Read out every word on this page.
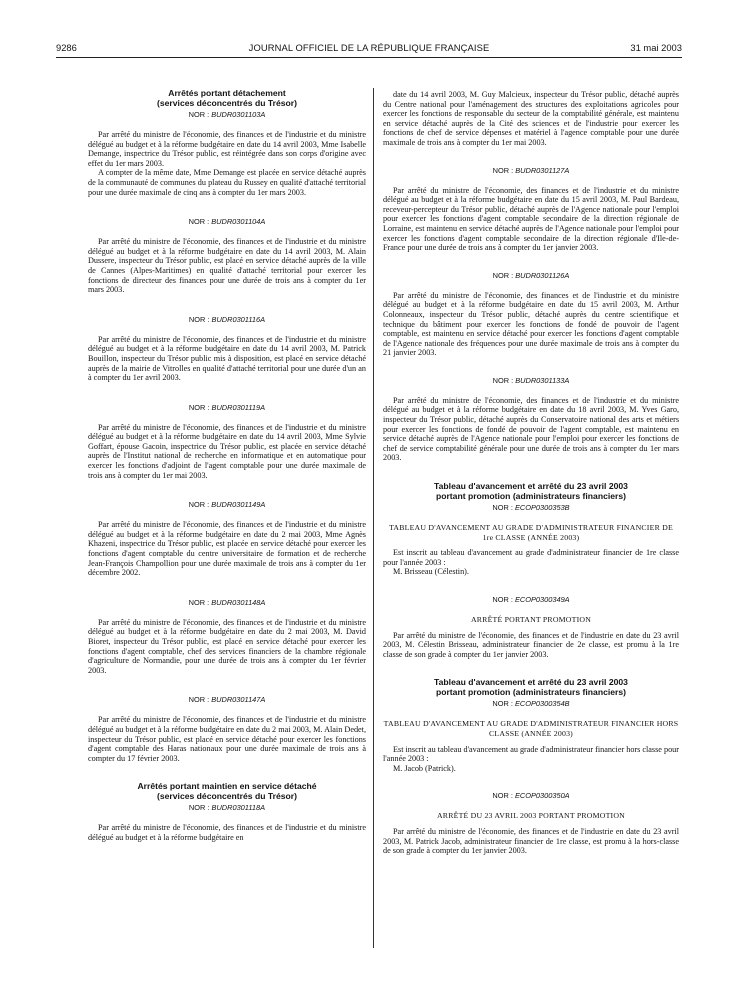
9286	JOURNAL OFFICIEL DE LA RÉPUBLIQUE FRANÇAISE	31 mai 2003
Arrêtés portant détachement
(services déconcentrés du Trésor)
NOR : BUDR0301103A

Par arrêté du ministre de l'économie, des finances et de l'industrie et du ministre délégué au budget et à la réforme budgétaire en date du 14 avril 2003, Mme Isabelle Demange, inspectrice du Trésor public, est réintégrée dans son corps d'origine avec effet du 1er mars 2003.

A compter de la même date, Mme Demange est placée en service détaché auprès de la communauté de communes du plateau du Russey en qualité d'attaché territorial pour une durée maximale de cinq ans à compter du 1er mars 2003.

NOR : BUDR0301104A

Par arrêté du ministre de l'économie, des finances et de l'industrie et du ministre délégué au budget et à la réforme budgétaire en date du 14 avril 2003, M. Alain Dussere, inspecteur du Trésor public, est placé en service détaché auprès de la ville de Cannes (Alpes-Maritimes) en qualité d'attaché territorial pour exercer les fonctions de directeur des finances pour une durée de trois ans à compter du 1er mars 2003.

NOR : BUDR0301116A

Par arrêté du ministre de l'économie, des finances et de l'industrie et du ministre délégué au budget et à la réforme budgétaire en date du 14 avril 2003, M. Patrick Bouillon, inspecteur du Trésor public mis à disposition, est placé en service détaché auprès de la mairie de Vitrolles en qualité d'attaché territorial pour une durée d'un an à compter du 1er avril 2003.

NOR : BUDR0301119A

Par arrêté du ministre de l'économie, des finances et de l'industrie et du ministre délégué au budget et à la réforme budgétaire en date du 14 avril 2003, Mme Sylvie Goffart, épouse Gacoin, inspectrice du Trésor public, est placée en service détaché auprès de l'Institut national de recherche en informatique et en automatique pour exercer les fonctions d'adjoint de l'agent comptable pour une durée maximale de trois ans à compter du 1er mai 2003.

NOR : BUDR0301149A

Par arrêté du ministre de l'économie, des finances et de l'industrie et du ministre délégué au budget et à la réforme budgétaire en date du 2 mai 2003, Mme Agnès Khazeni, inspectrice du Trésor public, est placée en service détaché pour exercer les fonctions d'agent comptable du centre universitaire de formation et de recherche Jean-François Champollion pour une durée maximale de trois ans à compter du 1er décembre 2002.

NOR : BUDR0301148A

Par arrêté du ministre de l'économie, des finances et de l'industrie et du ministre délégué au budget et à la réforme budgétaire en date du 2 mai 2003, M. David Bioret, inspecteur du Trésor public, est placé en service détaché pour exercer les fonctions d'agent comptable, chef des services financiers de la chambre régionale d'agriculture de Normandie, pour une durée de trois ans à compter du 1er février 2003.

NOR : BUDR0301147A

Par arrêté du ministre de l'économie, des finances et de l'industrie et du ministre délégué au budget et à la réforme budgétaire en date du 2 mai 2003, M. Alain Dedet, inspecteur du Trésor public, est placé en service détaché pour exercer les fonctions d'agent comptable des Haras nationaux pour une durée maximale de trois ans à compter du 17 février 2003.

Arrêtés portant maintien en service détaché
(services déconcentrés du Trésor)
NOR : BUDR0301118A

Par arrêté du ministre de l'économie, des finances et de l'industrie et du ministre délégué au budget et à la réforme budgétaire en

date du 14 avril 2003, M. Guy Malcieux, inspecteur du Trésor public, détaché auprès du Centre national pour l'aménagement des structures des exploitations agricoles pour exercer les fonctions de responsable du secteur de la comptabilité générale, est maintenu en service détaché auprès de la Cité des sciences et de l'industrie pour exercer les fonctions de chef de service dépenses et matériel à l'agence comptable pour une durée maximale de trois ans à compter du 1er mai 2003.

NOR : BUDR0301127A

Par arrêté du ministre de l'économie, des finances et de l'industrie et du ministre délégué au budget et à la réforme budgétaire en date du 15 avril 2003, M. Paul Bardeau, receveur-percepteur du Trésor public, détaché auprès de l'Agence nationale pour l'emploi pour exercer les fonctions d'agent comptable secondaire de la direction régionale de Lorraine, est maintenu en service détaché auprès de l'Agence nationale pour l'emploi pour exercer les fonctions d'agent comptable secondaire de la direction régionale d'Ile-de-France pour une durée de trois ans à compter du 1er janvier 2003.

NOR : BUDR0301126A

Par arrêté du ministre de l'économie, des finances et de l'industrie et du ministre délégué au budget et à la réforme budgétaire en date du 15 avril 2003, M. Arthur Colonneaux, inspecteur du Trésor public, détaché auprès du centre scientifique et technique du bâtiment pour exercer les fonctions de fondé de pouvoir de l'agent comptable, est maintenu en service détaché pour exercer les fonctions d'agent comptable de l'Agence nationale des fréquences pour une durée maximale de trois ans à compter du 21 janvier 2003.

NOR : BUDR0301133A

Par arrêté du ministre de l'économie, des finances et de l'industrie et du ministre délégué au budget et à la réforme budgétaire en date du 18 avril 2003, M. Yves Garo, inspecteur du Trésor public, détaché auprès du Conservatoire national des arts et métiers pour exercer les fonctions de fondé de pouvoir de l'agent comptable, est maintenu en service détaché auprès de l'Agence nationale pour l'emploi pour exercer les fonctions de chef de service comptabilité générale pour une durée de trois ans à compter du 1er mars 2003.

Tableau d'avancement et arrêté du 23 avril 2003
portant promotion (administrateurs financiers)
NOR : ECOP0300353B
TABLEAU D'AVANCEMENT AU GRADE D'ADMINISTRATEUR FINANCIER DE 1re CLASSE (ANNÉE 2003)

Est inscrit au tableau d'avancement au grade d'administrateur financier de 1re classe pour l'année 2003 :

M. Brisseau (Célestin).

NOR : ECOP0300349A
ARRÊTÉ PORTANT PROMOTION

Par arrêté du ministre de l'économie, des finances et de l'industrie en date du 23 avril 2003, M. Célestin Brisseau, administrateur financier de 2e classe, est promu à la 1re classe de son grade à compter du 1er janvier 2003.

Tableau d'avancement et arrêté du 23 avril 2003
portant promotion (administrateurs financiers)
NOR : ECOP0300354B
TABLEAU D'AVANCEMENT AU GRADE D'ADMINISTRATEUR FINANCIER HORS CLASSE (ANNÉE 2003)

Est inscrit au tableau d'avancement au grade d'administrateur financier hors classe pour l'année 2003 :

M. Jacob (Patrick).

NOR : ECOP0300350A
ARRÊTÉ DU 23 AVRIL 2003 PORTANT PROMOTION

Par arrêté du ministre de l'économie, des finances et de l'industrie en date du 23 avril 2003, M. Patrick Jacob, administrateur financier de 1re classe, est promu à la hors-classe de son grade à compter du 1er janvier 2003.
